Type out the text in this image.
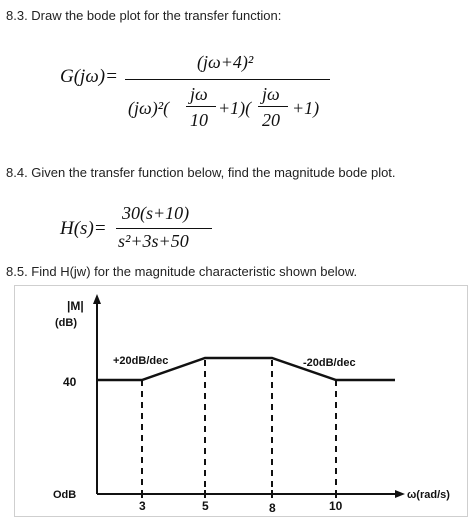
8.3. Draw the bode plot for the transfer function:
G(jω)=
(jω+4)²
(jω)²(
jω
10
+1)(
jω
20
+1)
8.4. Given the transfer function below, find the magnitude bode plot.
H(s)=
30(s+10)
s²+3s+50
8.5. Find H(jw) for the magnitude characteristic shown below.
|M|
(dB)
40
OdB	ω(rad/s)
3	5	8	10
+20dB/dec	-20dB/dec
